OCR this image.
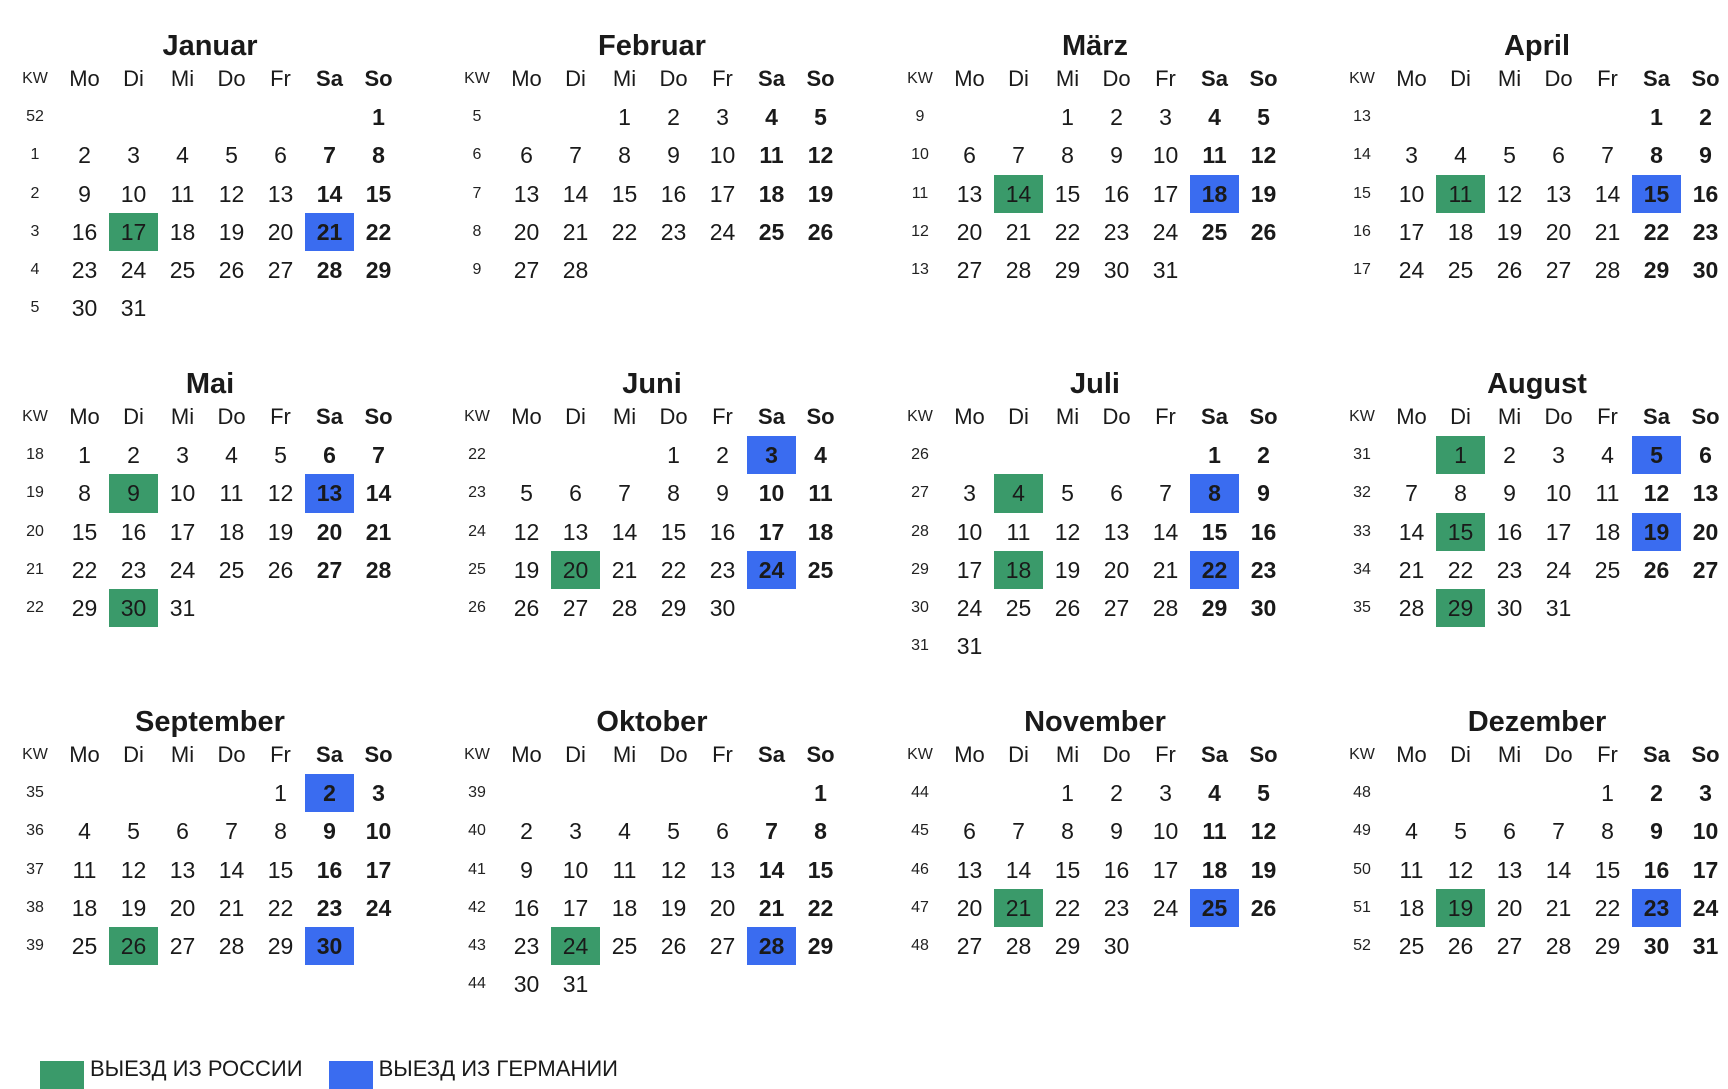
Januar
KW	Mo	Di	Mi	Do	Fr	Sa	So
52							1
1	2	3	4	5	6	7	8
2	9	10	11	12	13	14	15
3	16	17	18	19	20	21	22
4	23	24	25	26	27	28	29
5	30	31					
Februar
KW	Mo	Di	Mi	Do	Fr	Sa	So
5			1	2	3	4	5
6	6	7	8	9	10	11	12
7	13	14	15	16	17	18	19
8	20	21	22	23	24	25	26
9	27	28					
März
KW	Mo	Di	Mi	Do	Fr	Sa	So
9			1	2	3	4	5
10	6	7	8	9	10	11	12
11	13	14	15	16	17	18	19
12	20	21	22	23	24	25	26
13	27	28	29	30	31		
April
KW	Mo	Di	Mi	Do	Fr	Sa	So
13						1	2
14	3	4	5	6	7	8	9
15	10	11	12	13	14	15	16
16	17	18	19	20	21	22	23
17	24	25	26	27	28	29	30
Mai
KW	Mo	Di	Mi	Do	Fr	Sa	So
18	1	2	3	4	5	6	7
19	8	9	10	11	12	13	14
20	15	16	17	18	19	20	21
21	22	23	24	25	26	27	28
22	29	30	31				
Juni
KW	Mo	Di	Mi	Do	Fr	Sa	So
22				1	2	3	4
23	5	6	7	8	9	10	11
24	12	13	14	15	16	17	18
25	19	20	21	22	23	24	25
26	26	27	28	29	30		
Juli
KW	Mo	Di	Mi	Do	Fr	Sa	So
26						1	2
27	3	4	5	6	7	8	9
28	10	11	12	13	14	15	16
29	17	18	19	20	21	22	23
30	24	25	26	27	28	29	30
31	31						
August
KW	Mo	Di	Mi	Do	Fr	Sa	So
31		1	2	3	4	5	6
32	7	8	9	10	11	12	13
33	14	15	16	17	18	19	20
34	21	22	23	24	25	26	27
35	28	29	30	31			
September
KW	Mo	Di	Mi	Do	Fr	Sa	So
35					1	2	3
36	4	5	6	7	8	9	10
37	11	12	13	14	15	16	17
38	18	19	20	21	22	23	24
39	25	26	27	28	29	30	
Oktober
KW	Mo	Di	Mi	Do	Fr	Sa	So
39							1
40	2	3	4	5	6	7	8
41	9	10	11	12	13	14	15
42	16	17	18	19	20	21	22
43	23	24	25	26	27	28	29
44	30	31					
November
KW	Mo	Di	Mi	Do	Fr	Sa	So
44			1	2	3	4	5
45	6	7	8	9	10	11	12
46	13	14	15	16	17	18	19
47	20	21	22	23	24	25	26
48	27	28	29	30			
Dezember
KW	Mo	Di	Mi	Do	Fr	Sa	So
48					1	2	3
49	4	5	6	7	8	9	10
50	11	12	13	14	15	16	17
51	18	19	20	21	22	23	24
52	25	26	27	28	29	30	31
ВЫЕЗД ИЗ РОССИИ	ВЫЕЗД ИЗ ГЕРМАНИИ
